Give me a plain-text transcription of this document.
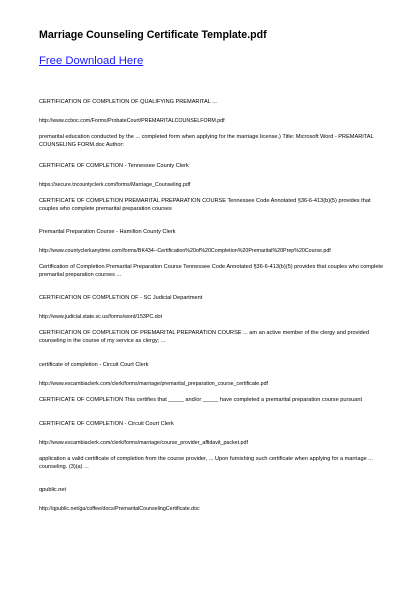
Marriage Counseling Certificate Template.pdf
Free Download Here
CERTIFICATION OF COMPLETION OF QUALIFYING PREMARITAL ...
http://www.ccboc.com/Forms/ProbateCourt/PREMARITALCOUNSELFORM.pdf
premarital education conducted by the ... completed form when applying for the marriage license.) Title: Microsoft Word - PREMARITAL COUNSELING FORM.doc Author:
CERTIFICATE OF COMPLETION - Tennessee County Clerk
https://secure.tncountyclerk.com/forms/Marriage_Counseling.pdf
CERTIFICATE OF COMPLETION PREMARITAL PREPARATION COURSE Tennessee Code Annotated §36-6-413(b)(5) provides that couples who complete premarital preparation courses
Premarital Preparation Course - Hamilton County Clerk
http://www.countyclerkanytime.com/forms/BK434--Certification%20of%20Completion%20Premarital%20Prep%20Course.pdf
Certification of Completion Premarital Preparation Course Tennessee Code Annotated §36-6-413(b)(5) provides that couples who complete premarital preparation courses ...
CERTIFICATION OF COMPLETION OF - SC Judicial Department
http://www.judicial.state.sc.us/forms/word/153PC.dot
CERTIFICATION OF COMPLETION OF PREMARITAL PREPARATION COURSE ... am an active member of the clergy and provided counseling in the course of my service as clergy; ...
certificate of completion - Circuit Court Clerk
http://www.escambiaclerk.com/clerk/forms/marriage/premarital_preparation_course_certificate.pdf
CERTIFICATE OF COMPLETION This certifies that _____ and/or _____ have completed a premarital preparation course pursuant
CERTIFICATE OF COMPLETION - Circuit Court Clerk
http://www.escambiaclerk.com/clerk/forms/marriage/course_provider_affidavit_packet.pdf
application a valid certificate of completion from the course provider, ... Upon furnishing such certificate when applying for a marriage ... counseling. (3)(a) ...
qpublic.net
http://qpublic.net/ga/coffee/docs/PremaritalCounselingCertificate.doc
